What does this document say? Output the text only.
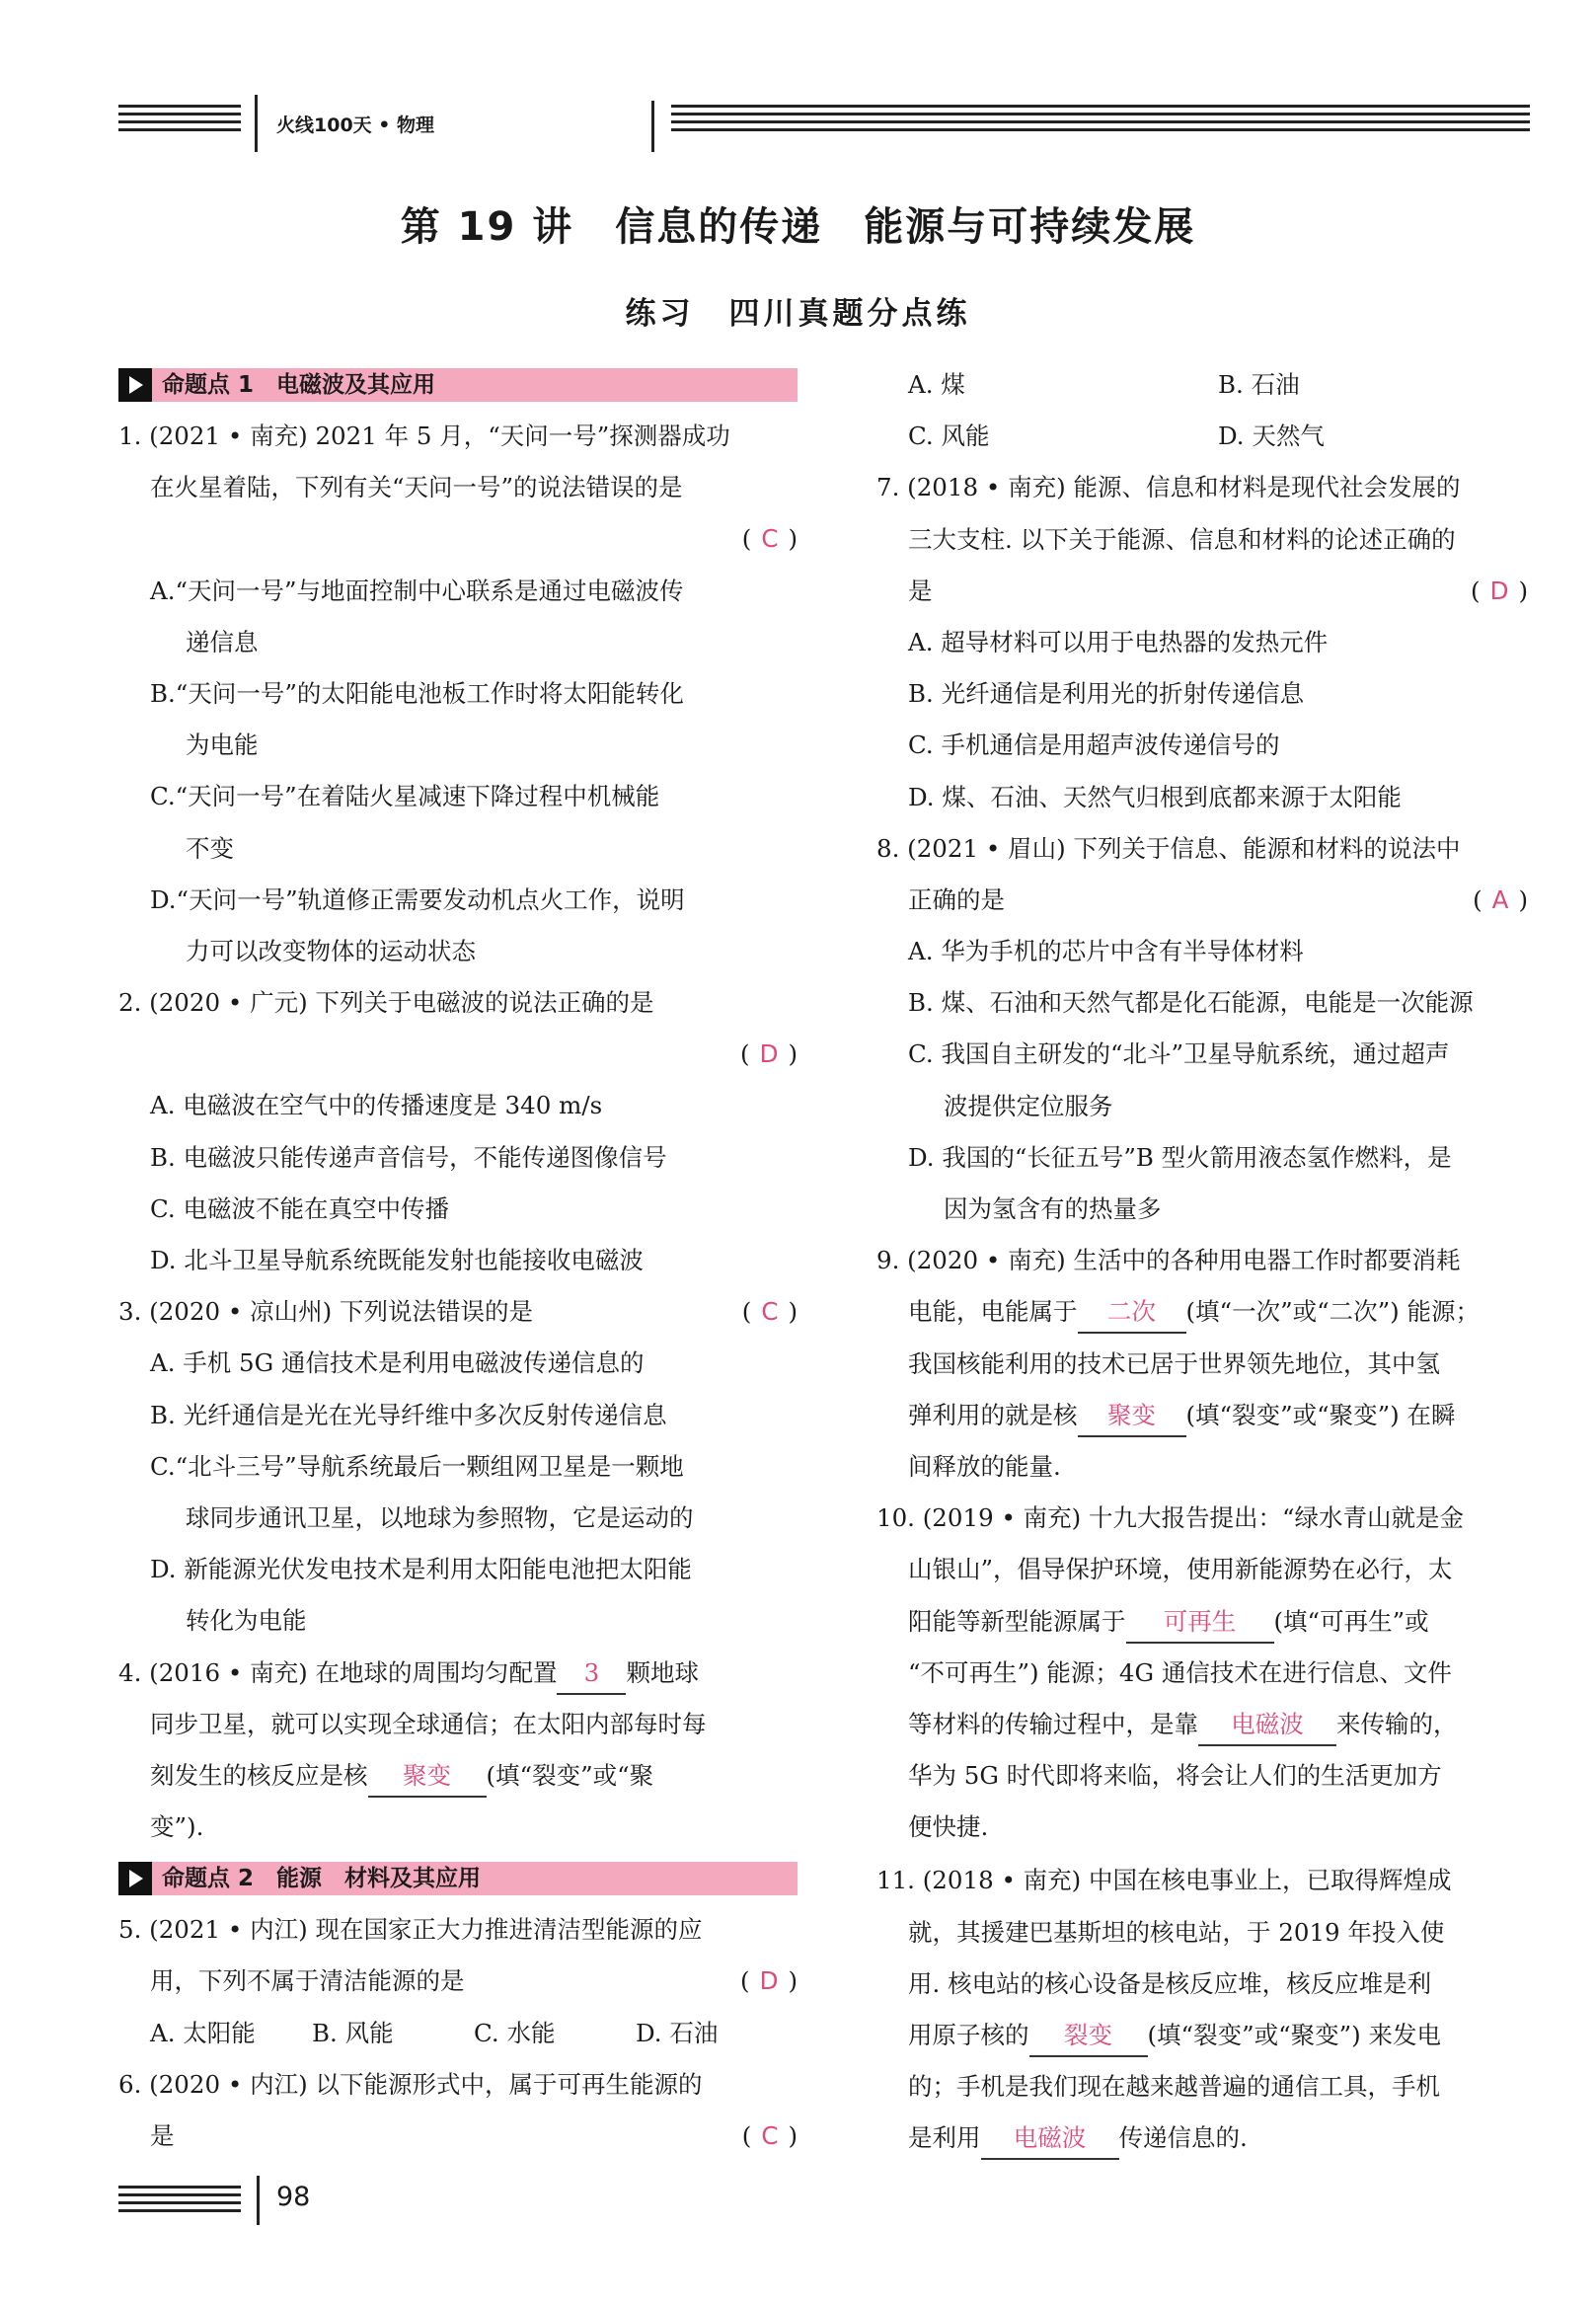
火线100天 • 物理
第 19 讲　信息的传递　能源与可持续发展
练习　四川真题分点练
命题点 1　电磁波及其应用
1. (2021 • 南充) 2021 年 5 月，“天问一号”探测器成功
在火星着陆，下列有关“天问一号”的说法错误的是
( C )
A.“天问一号”与地面控制中心联系是通过电磁波传
递信息
B.“天问一号”的太阳能电池板工作时将太阳能转化
为电能
C.“天问一号”在着陆火星减速下降过程中机械能
不变
D.“天问一号”轨道修正需要发动机点火工作，说明
力可以改变物体的运动状态
2. (2020 • 广元) 下列关于电磁波的说法正确的是
( D )
A. 电磁波在空气中的传播速度是 340 m/s
B. 电磁波只能传递声音信号，不能传递图像信号
C. 电磁波不能在真空中传播
D. 北斗卫星导航系统既能发射也能接收电磁波
3. (2020 • 凉山州) 下列说法错误的是	( C )
A. 手机 5G 通信技术是利用电磁波传递信息的
B. 光纤通信是光在光导纤维中多次反射传递信息
C.“北斗三号”导航系统最后一颗组网卫星是一颗地
球同步通讯卫星，以地球为参照物，它是运动的
D. 新能源光伏发电技术是利用太阳能电池把太阳能
转化为电能
4. (2016 • 南充) 在地球的周围均匀配置 3 颗地球
同步卫星，就可以实现全球通信；在太阳内部每时每
刻发生的核反应是核 聚变 (填“裂变”或“聚
变”).
命题点 2　能源　材料及其应用
5. (2021 • 内江) 现在国家正大力推进清洁型能源的应
用，下列不属于清洁能源的是	( D )
A. 太阳能	B. 风能	C. 水能	D. 石油
6. (2020 • 内江) 以下能源形式中，属于可再生能源的
是	( C )
A. 煤	B. 石油
C. 风能	D. 天然气
7. (2018 • 南充) 能源、信息和材料是现代社会发展的
三大支柱. 以下关于能源、信息和材料的论述正确的
是	( D )
A. 超导材料可以用于电热器的发热元件
B. 光纤通信是利用光的折射传递信息
C. 手机通信是用超声波传递信号的
D. 煤、石油、天然气归根到底都来源于太阳能
8. (2021 • 眉山) 下列关于信息、能源和材料的说法中
正确的是	( A )
A. 华为手机的芯片中含有半导体材料
B. 煤、石油和天然气都是化石能源，电能是一次能源
C. 我国自主研发的“北斗”卫星导航系统，通过超声
波提供定位服务
D. 我国的“长征五号”B 型火箭用液态氢作燃料，是
因为氢含有的热量多
9. (2020 • 南充) 生活中的各种用电器工作时都要消耗
电能，电能属于 二次 (填“一次”或“二次”) 能源；
我国核能利用的技术已居于世界领先地位，其中氢
弹利用的就是核 聚变 (填“裂变”或“聚变”) 在瞬
间释放的能量.
10. (2019 • 南充) 十九大报告提出：“绿水青山就是金
山银山”，倡导保护环境，使用新能源势在必行，太
阳能等新型能源属于 可再生 (填“可再生”或
“不可再生”) 能源；4G 通信技术在进行信息、文件
等材料的传输过程中，是靠 电磁波 来传输的，
华为 5G 时代即将来临，将会让人们的生活更加方
便快捷.
11. (2018 • 南充) 中国在核电事业上，已取得辉煌成
就，其援建巴基斯坦的核电站，于 2019 年投入使
用. 核电站的核心设备是核反应堆，核反应堆是利
用原子核的 裂变 (填“裂变”或“聚变”) 来发电
的；手机是我们现在越来越普遍的通信工具，手机
是利用 电磁波 传递信息的.
98
